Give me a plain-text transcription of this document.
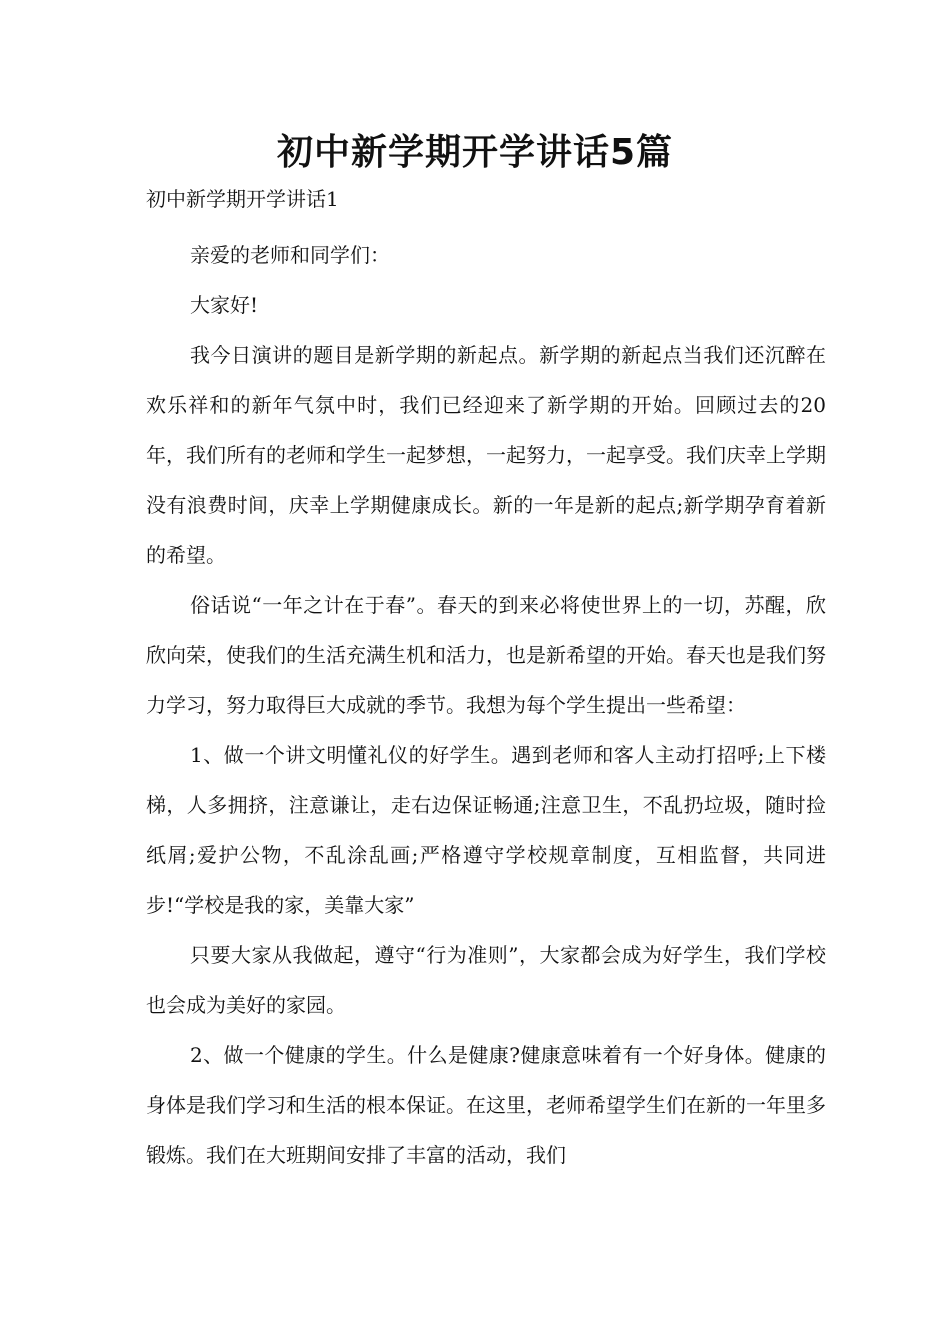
初中新学期开学讲话5篇

初中新学期开学讲话1

亲爱的老师和同学们：

大家好!

我今日演讲的题目是新学期的新起点。新学期的新起点当我们还沉醉在欢乐祥和的新年气氛中时，我们已经迎来了新学期的开始。回顾过去的20年，我们所有的老师和学生一起梦想，一起努力，一起享受。我们庆幸上学期没有浪费时间，庆幸上学期健康成长。新的一年是新的起点;新学期孕育着新的希望。

俗话说“一年之计在于春”。春天的到来必将使世界上的一切，苏醒，欣欣向荣，使我们的生活充满生机和活力，也是新希望的开始。春天也是我们努力学习，努力取得巨大成就的季节。我想为每个学生提出一些希望：

1、做一个讲文明懂礼仪的好学生。遇到老师和客人主动打招呼;上下楼梯，人多拥挤，注意谦让，走右边保证畅通;注意卫生，不乱扔垃圾，随时捡纸屑;爱护公物，不乱涂乱画;严格遵守学校规章制度，互相监督，共同进步!“学校是我的家，美靠大家”

只要大家从我做起，遵守“行为准则”，大家都会成为好学生，我们学校也会成为美好的家园。

2、做一个健康的学生。什么是健康?健康意味着有一个好身体。健康的身体是我们学习和生活的根本保证。在这里，老师希望学生们在新的一年里多锻炼。我们在大班期间安排了丰富的活动，我们
